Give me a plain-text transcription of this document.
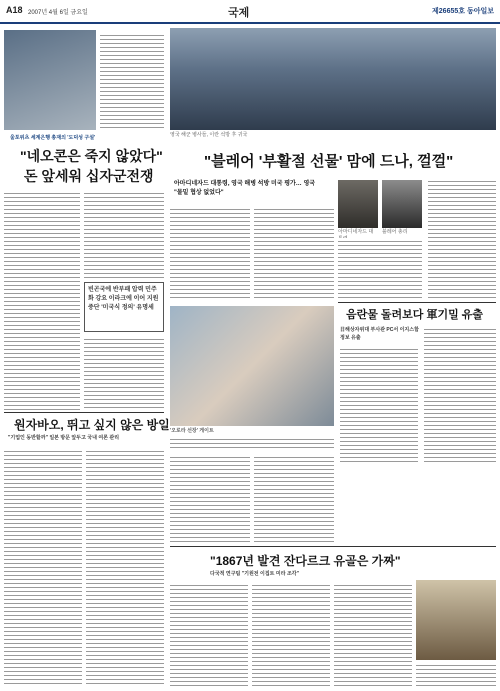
A18 2007년 4월 6일 금요일	국제	제26655호 동아일보
울포위츠 세계은행 총재의 '도덕성 구설'
"네오콘은 죽지 않았다"
돈 앞세워 십자군전쟁
빈곤국에 반부패 압력 민주화 강요 이라크에 이어 지원 중단 '미국식 정의' 유명세
영국 해군 병사들, 이란 석방 후 귀국
"블레어 '부활절 선물' 맘에 드나, 껄껄"
아마디네자드 대통령, 영국 해병 석방 미국 평가… 영국 "물밑 협상 없었다"
아마디네자드 대	블레어 총리
음란물 돌려보다 軍기밀 유출
日해상자위대 부사관 PC서 이지스함 정보 유출
'오로라 선장' 게이트
원자바오, 뛰고 싶지 않은 방일
"기업인 동반할까" 일본 방문 앞두고 국내 여론 관리
"1867년 발견 잔다르크 유골은 가짜"
다국적 연구팀 "기원전 이집트 미라 조각"
